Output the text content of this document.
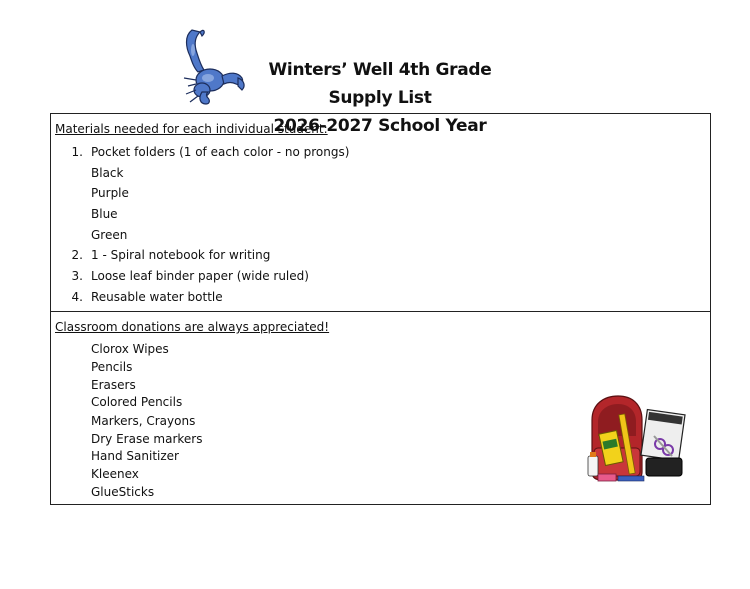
Winters’ Well 4th Grade Supply List
2026-2027 School Year
Materials needed for each individual student:
1. Pocket folders (1 of each color - no prongs)
Black
Purple
Blue
Green
2. 1 - Spiral notebook for writing
3. Loose leaf binder paper (wide ruled)
4. Reusable water bottle
Classroom donations are always appreciated!
Clorox Wipes
Pencils
Erasers
Colored Pencils
Markers, Crayons
Dry Erase markers
Hand Sanitizer
Kleenex
GlueSticks
